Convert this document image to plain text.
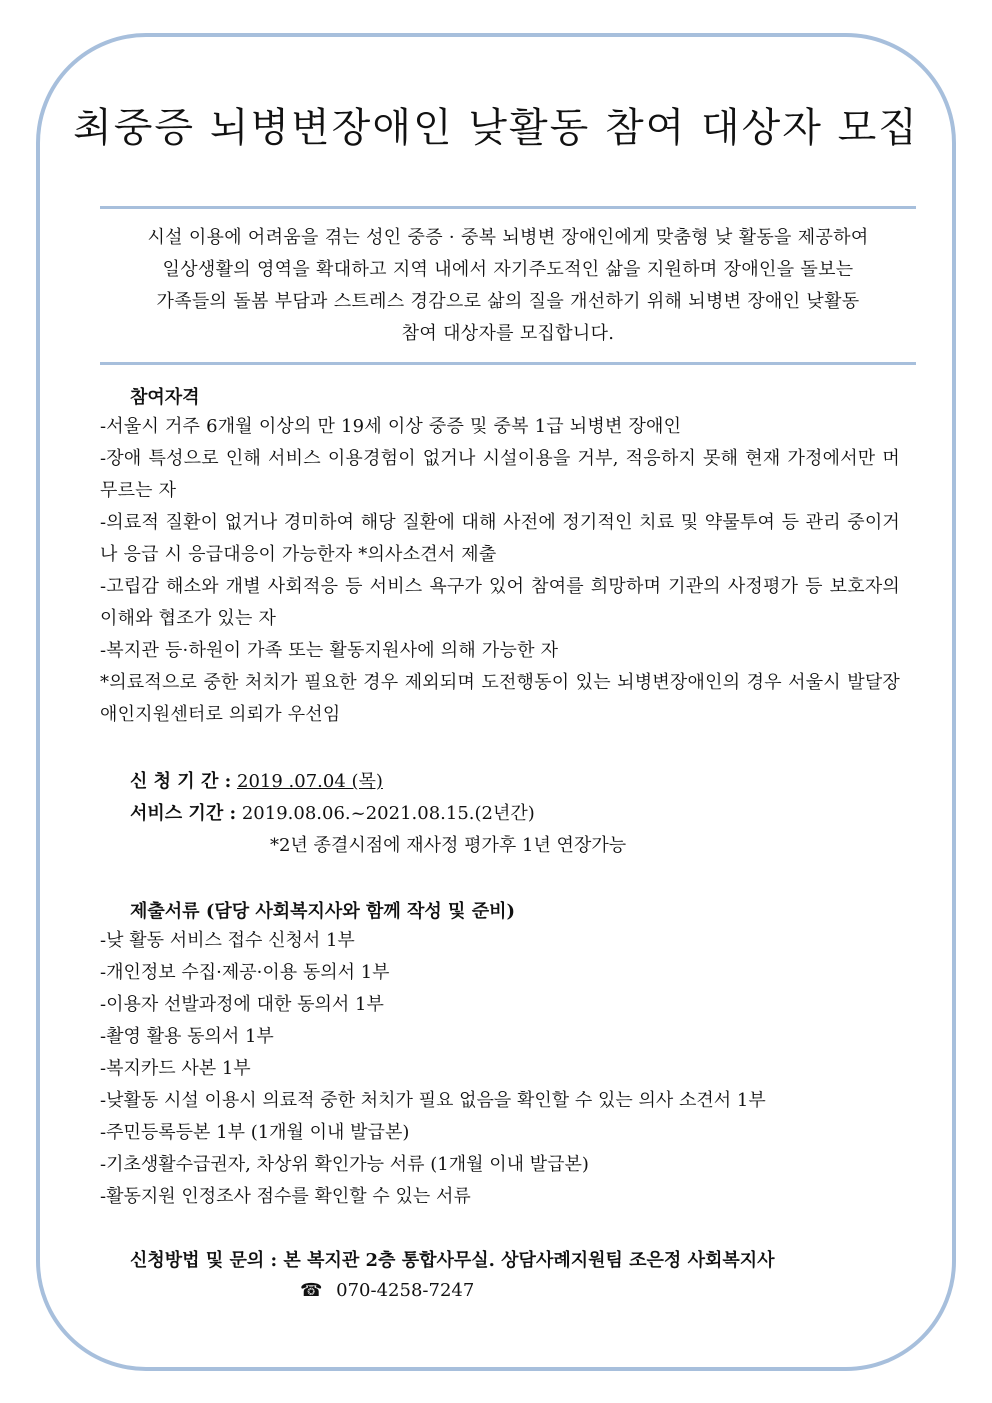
최중증 뇌병변장애인 낮활동 참여 대상자 모집
시설 이용에 어려움을 겪는 성인 중증 · 중복 뇌병변 장애인에게 맞춤형 낮 활동을 제공하여
일상생활의 영역을 확대하고 지역 내에서 자기주도적인 삶을 지원하며 장애인을 돌보는
가족들의 돌봄 부담과 스트레스 경감으로 삶의 질을 개선하기 위해 뇌병변 장애인 낮활동
참여 대상자를 모집합니다.
참여자격
-서울시 거주 6개월 이상의 만 19세 이상 중증 및 중복 1급 뇌병변 장애인
-장애 특성으로 인해 서비스 이용경험이 없거나 시설이용을 거부, 적응하지 못해 현재 가정에서만 머무르는 자
-의료적 질환이 없거나 경미하여 해당 질환에 대해 사전에 정기적인 치료 및 약물투여 등 관리 중이거나 응급 시 응급대응이 가능한자 *의사소견서 제출
-고립감 해소와 개별 사회적응 등 서비스 욕구가 있어 참여를 희망하며 기관의 사정평가 등 보호자의 이해와 협조가 있는 자
-복지관 등·하원이 가족 또는 활동지원사에 의해 가능한 자
*의료적으로 중한 처치가 필요한 경우 제외되며 도전행동이 있는 뇌병변장애인의 경우 서울시 발달장애인지원센터로 의뢰가 우선임
신 청 기 간 : 2019 .07.04 (목)
서비스 기간 : 2019.08.06.~2021.08.15.(2년간)
*2년 종결시점에 재사정 평가후 1년 연장가능
제출서류 (담당 사회복지사와 함께 작성 및 준비)
-낮 활동 서비스 접수 신청서 1부
-개인정보 수집·제공·이용 동의서 1부
-이용자 선발과정에 대한 동의서 1부
-촬영 활용 동의서 1부
-복지카드 사본 1부
-낮활동 시설 이용시 의료적 중한 처치가 필요 없음을 확인할 수 있는 의사 소견서 1부
-주민등록등본 1부 (1개월 이내 발급본)
-기초생활수급권자, 차상위 확인가능 서류 (1개월 이내 발급본)
-활동지원 인정조사 점수를 확인할 수 있는 서류
신청방법 및 문의 : 본 복지관 2층 통합사무실. 상담사례지원팀 조은정 사회복지사
☎ 070-4258-7247
